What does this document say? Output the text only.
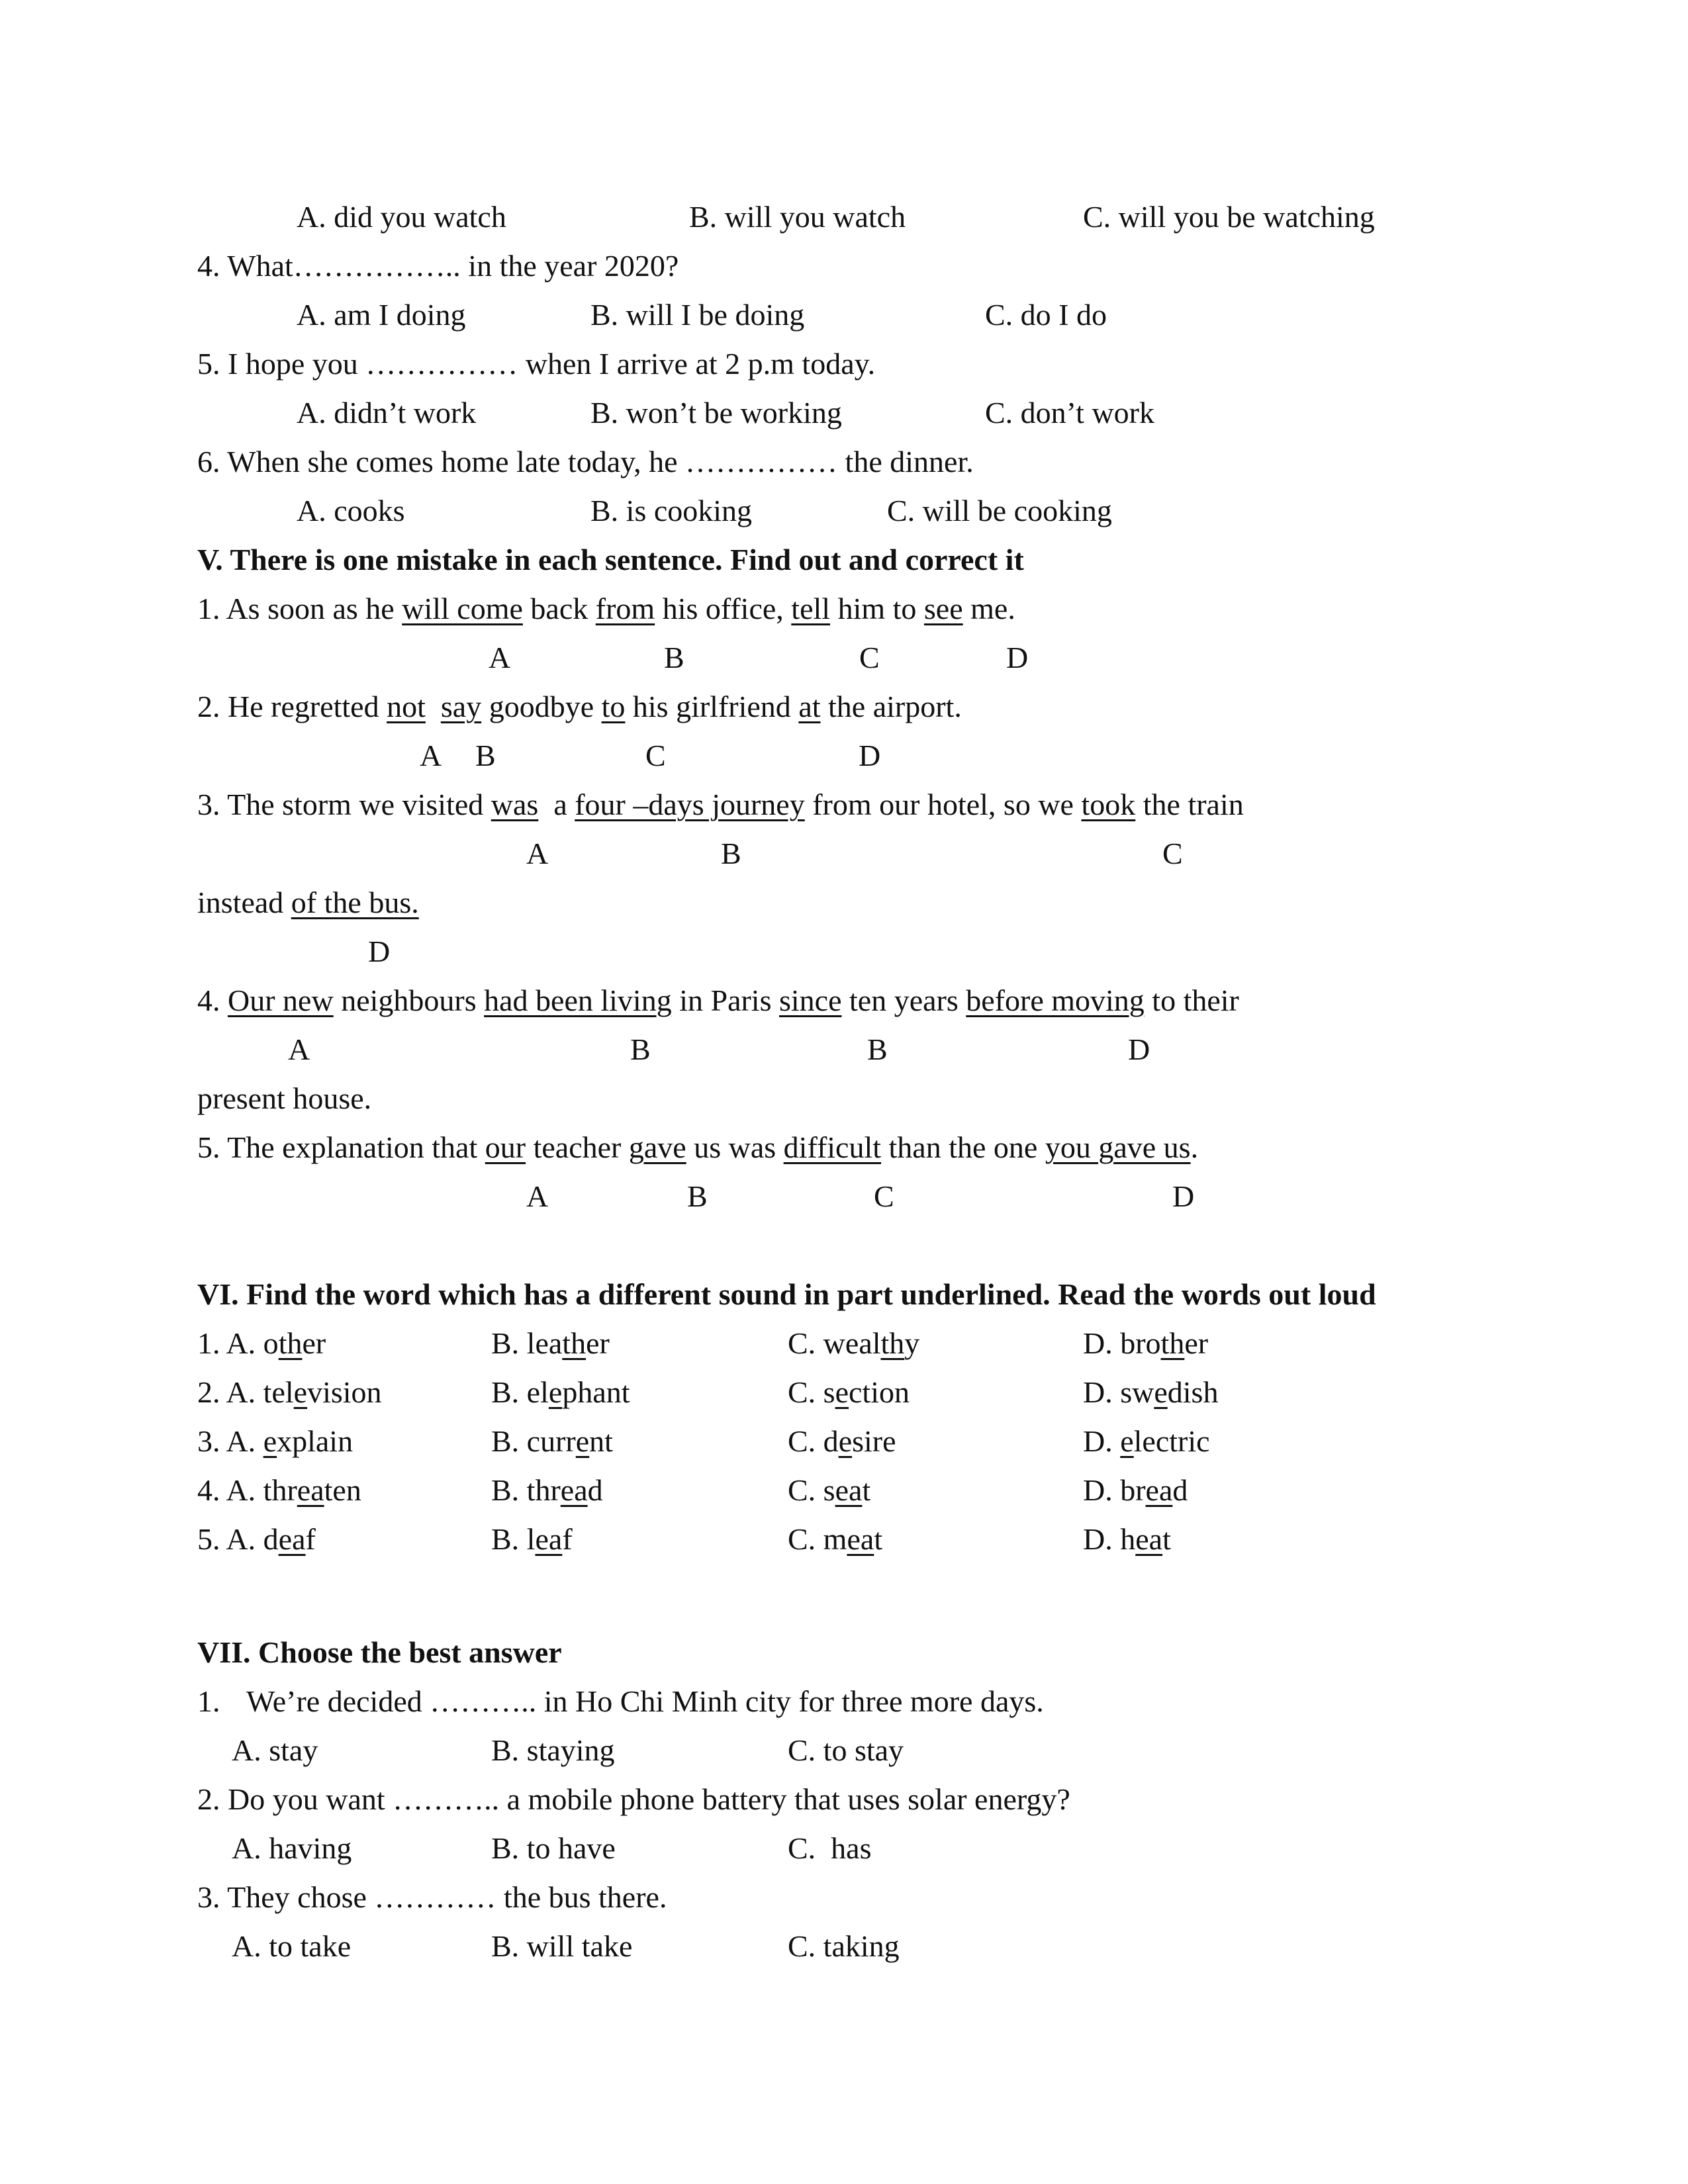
A. did you watch	B. will you watch	C. will you be watching
4. What…………….. in the year 2020?
A. am I doing	B. will I be doing	C. do I do
5. I hope you …………… when I arrive at 2 p.m today.
A. didn’t work	B. won’t be working	C. don’t work
6. When she comes home late today, he …………… the dinner.
A. cooks	B. is cooking	C. will be cooking
V. There is one mistake in each sentence. Find out and correct it
1. As soon as he will come back from his office, tell him to see me.
A	B	C	D
2. He regretted not say goodbye to his girlfriend at the airport.
A B	C	D
3. The storm we visited was  a four –days journey from our hotel, so we took the train
A	B	C
instead of the bus.
D
4. Our new neighbours had been living in Paris since ten years before moving to their
A	B	B	D
present house.
5. The explanation that our teacher gave us was difficult than the one you gave us.
A	B	C	D
VI. Find the word which has a different sound in part underlined. Read the words out loud
1. A. other	B. leather	C. wealthy	D. brother
2. A. television	B. elephant	C. section	D. swedish
3. A. explain	B. current	C. desire	D. electric
4. A. threaten	B. thread	C. seat	D. bread
5. A. deaf	B. leaf	C. meat	D. heat
VII. Choose the best answer
1. We’re decided ……….. in Ho Chi Minh city for three more days.
A. stay	B. staying	C. to stay
2. Do you want ……….. a mobile phone battery that uses solar energy?
A. having	B. to have	C.  has
3. They chose ………… the bus there.
A. to take	B. will take	C. taking
